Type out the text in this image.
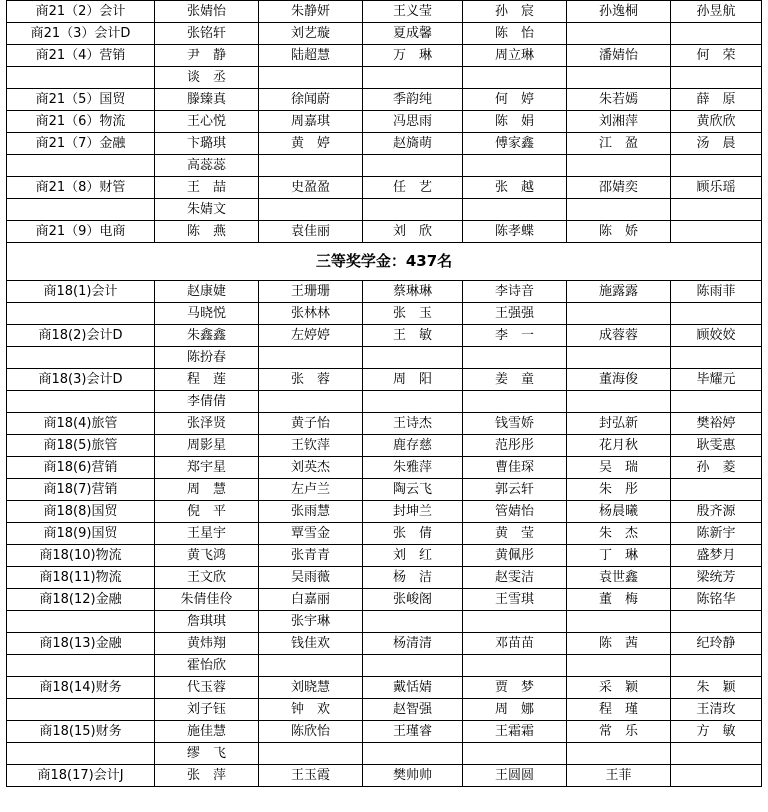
商21（2）会计	张婧怡	朱静妍	王义莹	孙　宸	孙逸桐	孙昱航
商21（3）会计D	张铭轩	刘艺璇	夏成馨	陈　怡		
商21（4）营销	尹　静	陆超慧	万　琳	周立琳	潘婧怡	何　荣
	谈　丞					
商21（5）国贸	滕臻真	徐闻蔚	季韵纯	何　婷	朱若嫣	薛　原
商21（6）物流	王心悦	周嘉琪	冯思雨	陈　娟	刘湘萍	黄欣欣
商21（7）金融	卞璐琪	黄　婷	赵旖萌	傅家鑫	江　盈	汤　晨
	高蕊蕊					
商21（8）财管	王　喆	史盈盈	任　艺	张　越	邵婧奕	顾乐瑶
	朱婧文					
商21（9）电商	陈　燕	袁佳丽	刘　欣	陈孝蝶	陈　娇	
三等奖学金：437名						
商18(1)会计	赵康婕	王珊珊	蔡琳琳	李诗音	施露露	陈雨菲
	马晓悦	张林林	张　玉	王强强		
商18(2)会计D	朱鑫鑫	左婷婷	王　敏	李　一	成蓉蓉	顾姣姣
	陈扮春					
商18(3)会计D	程　莲	张　蓉	周　阳	姜　童	董海俊	毕耀元
	李倩倩					
商18(4)旅管	张泽贤	黄子怡	王诗杰	钱雪娇	封弘新	樊裕婷
商18(5)旅管	周影星	王钦萍	鹿存慈	范彤彤	花月秋	耿雯惠
商18(6)营销	郑宇星	刘英杰	朱雅萍	曹佳琛	吴　瑞	孙　菱
商18(7)营销	周　慧	左卢兰	陶云飞	郭云轩	朱　彤	
商18(8)国贸	倪　平	张雨慧	封坤兰	管婧怡	杨晨曦	殷齐源
商18(9)国贸	王星宇	覃雪金	张　倩	黄　莹	朱　杰	陈新宇
商18(10)物流	黄飞鸿	张青青	刘　红	黄佩彤	丁　琳	盛梦月
商18(11)物流	王文欣	吴雨薇	杨　洁	赵雯洁	袁世鑫	梁统芳
商18(12)金融	朱倩佳伶	白嘉丽	张峻阁	王雪琪	董　梅	陈铭华
	詹琪琪	张宇琳				
商18(13)金融	黄炜翔	钱佳欢	杨清清	邓苗苗	陈　茜	纪玲静
	霍怡欣					
商18(14)财务	代玉蓉	刘晓慧	戴恬婧	贾　梦	采　颖	朱　颖
	刘子钰	钟　欢	赵智强	周　娜	程　瑾	王清玫
商18(15)财务	施佳慧	陈欣怡	王瑾睿	王霜霜	常　乐	方　敏
	缪　飞					
商18(17)会计J	张　萍	王玉霞	樊帅帅	王圆圆	王菲	
